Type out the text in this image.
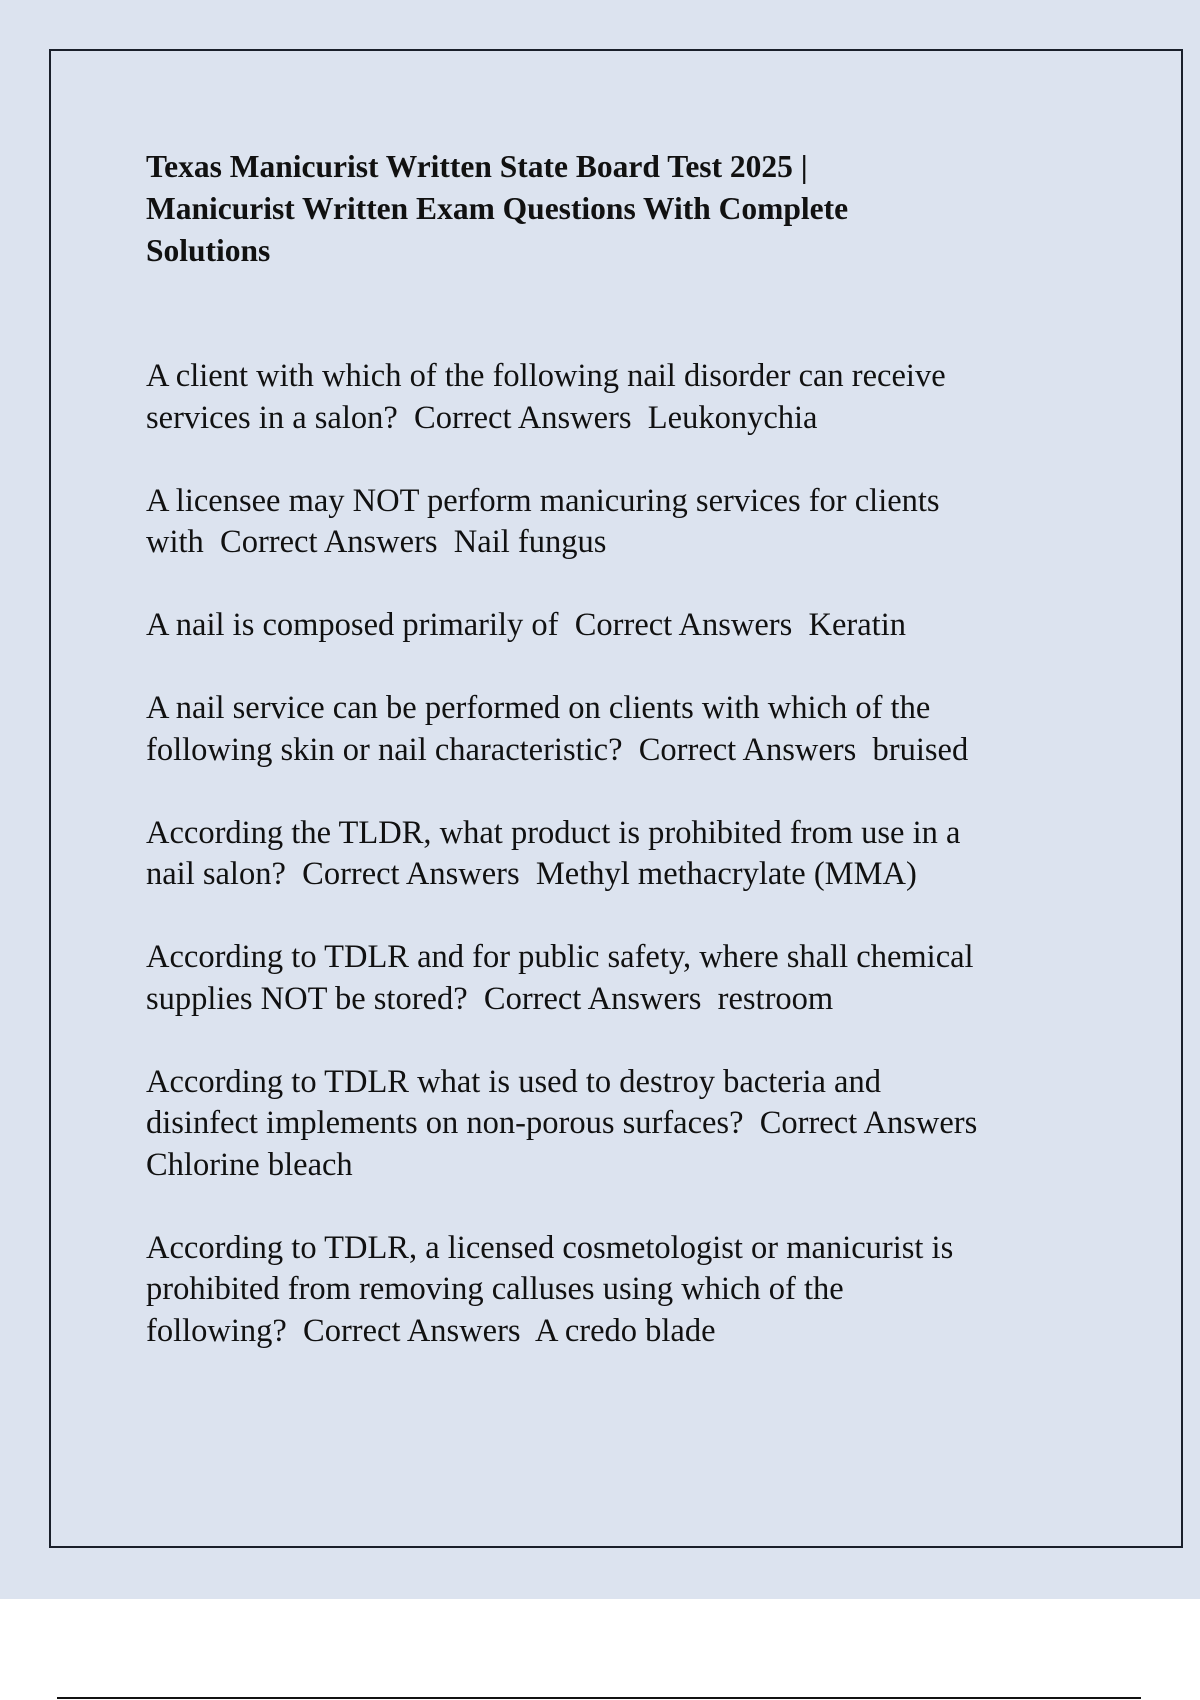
Texas Manicurist Written State Board Test 2025 |
Manicurist Written Exam Questions With Complete
Solutions
A client with which of the following nail disorder can receive
services in a salon?  Correct Answers  Leukonychia
A licensee may NOT perform manicuring services for clients
with  Correct Answers  Nail fungus
A nail is composed primarily of  Correct Answers  Keratin
A nail service can be performed on clients with which of the
following skin or nail characteristic?  Correct Answers  bruised
According the TLDR, what product is prohibited from use in a
nail salon?  Correct Answers  Methyl methacrylate (MMA)
According to TDLR and for public safety, where shall chemical
supplies NOT be stored?  Correct Answers  restroom
According to TDLR what is used to destroy bacteria and
disinfect implements on non-porous surfaces?  Correct Answers
Chlorine bleach
According to TDLR, a licensed cosmetologist or manicurist is
prohibited from removing calluses using which of the
following?  Correct Answers  A credo blade
